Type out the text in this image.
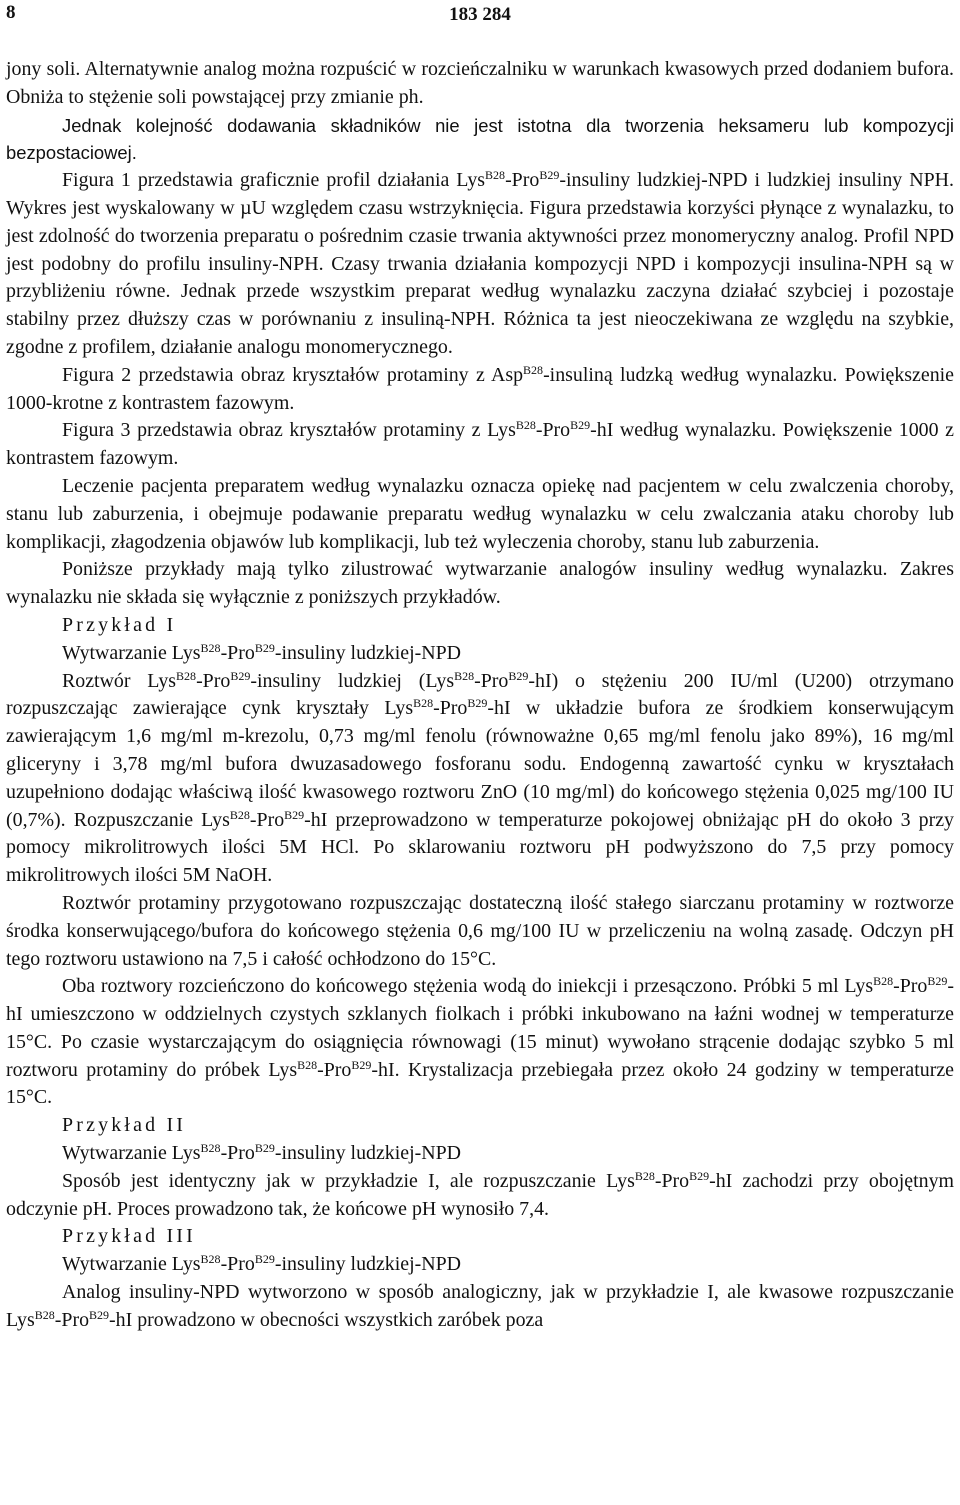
8	183 284

jony soli. Alternatywnie analog można rozpuścić w rozcieńczalniku w warunkach kwasowych przed dodaniem bufora. Obniża to stężenie soli powstającej przy zmianie ph.

Jednak kolejność dodawania składników nie jest istotna dla tworzenia heksameru lub kompozycji bezpostaciowej.

Figura 1 przedstawia graficznie profil działania Lys$^{B28}$-Pro$^{B29}$-insuliny ludzkiej-NPD i ludzkiej insuliny NPH. Wykres jest wyskalowany w µU względem czasu wstrzyknięcia. Figura przedstawia korzyści płynące z wynalazku, to jest zdolność do tworzenia preparatu o pośrednim czasie trwania aktywności przez monomeryczny analog. Profil NPD jest podobny do profilu insuliny-NPH. Czasy trwania działania kompozycji NPD i kompozycji insulina-NPH są w przybliżeniu równe. Jednak przede wszystkim preparat według wynalazku zaczyna działać szybciej i pozostaje stabilny przez dłuższy czas w porównaniu z insuliną-NPH. Różnica ta jest nieoczekiwana ze względu na szybkie, zgodne z profilem, działanie analogu monomerycznego.

Figura 2 przedstawia obraz kryształów protaminy z Asp$^{B28}$-insuliną ludzką według wynalazku. Powiększenie 1000-krotne z kontrastem fazowym.

Figura 3 przedstawia obraz kryształów protaminy z Lys$^{B28}$-Pro$^{B29}$-hI według wynalazku. Powiększenie 1000 z kontrastem fazowym.

Leczenie pacjenta preparatem według wynalazku oznacza opiekę nad pacjentem w celu zwalczenia choroby, stanu lub zaburzenia, i obejmuje podawanie preparatu według wynalazku w celu zwalczania ataku choroby lub komplikacji, złagodzenia objawów lub komplikacji, lub też wyleczenia choroby, stanu lub zaburzenia.

Poniższe przykłady mają tylko zilustrować wytwarzanie analogów insuliny według wynalazku. Zakres wynalazku nie składa się wyłącznie z poniższych przykładów.

Przykład I

Wytwarzanie Lys$^{B28}$-Pro$^{B29}$-insuliny ludzkiej-NPD

Roztwór Lys$^{B28}$-Pro$^{B29}$-insuliny ludzkiej (Lys$^{B28}$-Pro$^{B29}$-hI) o stężeniu 200 IU/ml (U200) otrzymano rozpuszczając zawierające cynk kryształy Lys$^{B28}$-Pro$^{B29}$-hI w układzie bufora ze środkiem konserwującym zawierającym 1,6 mg/ml m-krezolu, 0,73 mg/ml fenolu (równoważne 0,65 mg/ml fenolu jako 89%), 16 mg/ml gliceryny i 3,78 mg/ml bufora dwuzasadowego fosforanu sodu. Endogenną zawartość cynku w kryształach uzupełniono dodając właściwą ilość kwasowego roztworu ZnO (10 mg/ml) do końcowego stężenia 0,025 mg/100 IU (0,7%). Rozpuszczanie Lys$^{B28}$-Pro$^{B29}$-hI przeprowadzono w temperaturze pokojowej obniżając pH do około 3 przy pomocy mikrolitrowych ilości 5M HCl. Po sklarowaniu roztworu pH podwyższono do 7,5 przy pomocy mikrolitrowych ilości 5M NaOH.

Roztwór protaminy przygotowano rozpuszczając dostateczną ilość stałego siarczanu protaminy w roztworze środka konserwującego/bufora do końcowego stężenia 0,6 mg/100 IU w przeliczeniu na wolną zasadę. Odczyn pH tego roztworu ustawiono na 7,5 i całość ochłodzono do 15°C.

Oba roztwory rozcieńczono do końcowego stężenia wodą do iniekcji i przesączono. Próbki 5 ml Lys$^{B28}$-Pro$^{B29}$-hI umieszczono w oddzielnych czystych szklanych fiolkach i próbki inkubowano na łaźni wodnej w temperaturze 15°C. Po czasie wystarczającym do osiągnięcia równowagi (15 minut) wywołano strącenie dodając szybko 5 ml roztworu protaminy do próbek Lys$^{B28}$-Pro$^{B29}$-hI. Krystalizacja przebiegała przez około 24 godziny w temperaturze 15°C.

Przykład II

Wytwarzanie Lys$^{B28}$-Pro$^{B29}$-insuliny ludzkiej-NPD

Sposób jest identyczny jak w przykładzie I, ale rozpuszczanie Lys$^{B28}$-Pro$^{B29}$-hI zachodzi przy obojętnym odczynie pH. Proces prowadzono tak, że końcowe pH wynosiło 7,4.

Przykład III

Wytwarzanie Lys$^{B28}$-Pro$^{B29}$-insuliny ludzkiej-NPD

Analog insuliny-NPD wytworzono w sposób analogiczny, jak w przykładzie I, ale kwasowe rozpuszczanie Lys$^{B28}$-Pro$^{B29}$-hI prowadzono w obecności wszystkich zaróbek poza
